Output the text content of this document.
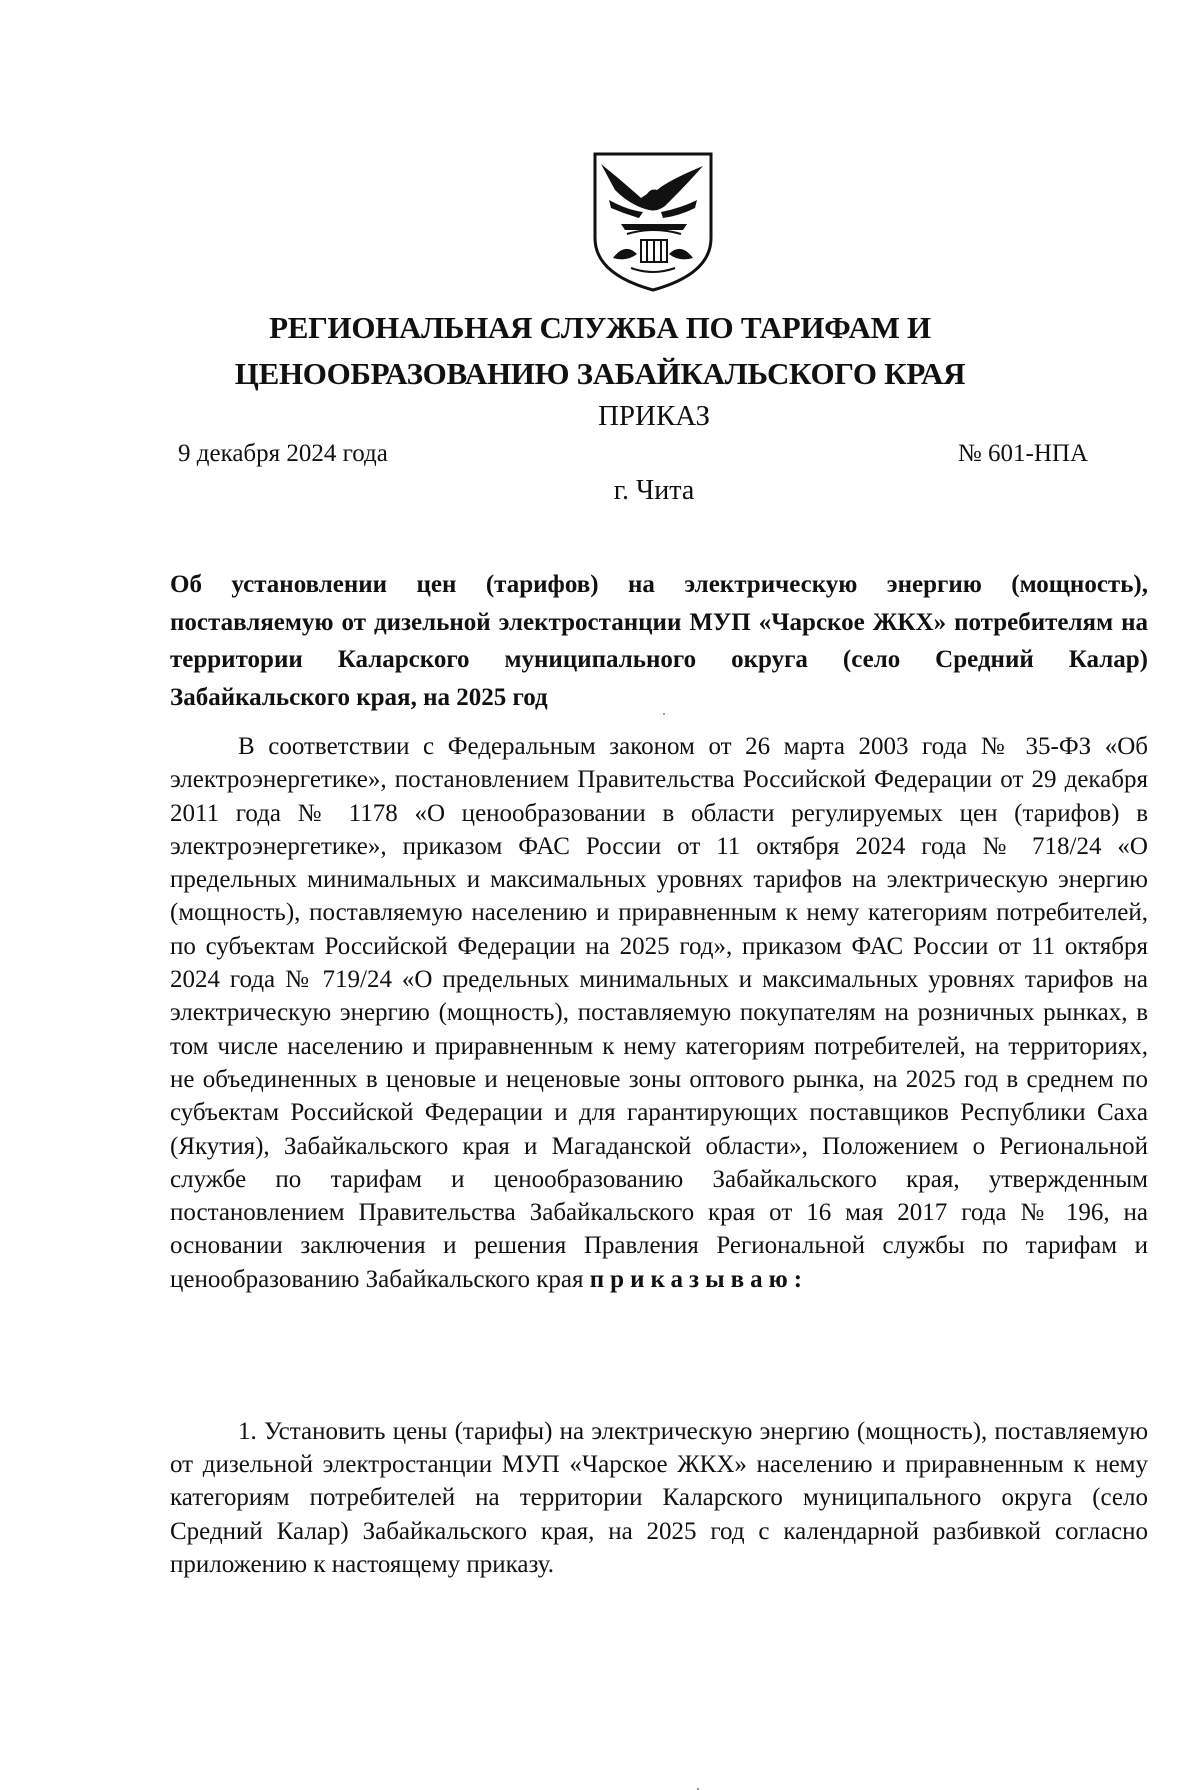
РЕГИОНАЛЬНАЯ СЛУЖБА ПО ТАРИФАМ И
ЦЕНООБРАЗОВАНИЮ ЗАБАЙКАЛЬСКОГО КРАЯ
ПРИКАЗ
9 декабря 2024 года	№ 601-НПА
г. Чита
Об установлении цен (тарифов) на электрическую энергию (мощность), поставляемую от дизельной электростанции МУП «Чарское ЖКХ» потребителям на территории Каларского муниципального округа (село Средний Калар) Забайкальского края, на 2025 год
В соответствии с Федеральным законом от 26 марта 2003 года № 35-ФЗ «Об электроэнергетике», постановлением Правительства Российской Федерации от 29 декабря 2011 года № 1178 «О ценообразовании в области регулируемых цен (тарифов) в электроэнергетике», приказом ФАС России от 11 октября 2024 года № 718/24 «О предельных минимальных и максимальных уровнях тарифов на электрическую энергию (мощность), поставляемую населению и приравненным к нему категориям потребителей, по субъектам Российской Федерации на 2025 год», приказом ФАС России от 11 октября 2024 года № 719/24 «О предельных минимальных и максимальных уровнях тарифов на электрическую энергию (мощность), поставляемую покупателям на розничных рынках, в том числе населению и приравненным к нему категориям потребителей, на территориях, не объединенных в ценовые и неценовые зоны оптового рынка, на 2025 год в среднем по субъектам Российской Федерации и для гарантирующих поставщиков Республики Саха (Якутия), Забайкальского края и Магаданской области», Положением о Региональной службе по тарифам и ценообразованию Забайкальского края, утвержденным постановлением Правительства Забайкальского края от 16 мая 2017 года № 196, на основании заключения и решения Правления Региональной службы по тарифам и ценообразованию Забайкальского края приказываю:
1. Установить цены (тарифы) на электрическую энергию (мощность), поставляемую от дизельной электростанции МУП «Чарское ЖКХ» населению и приравненным к нему категориям потребителей на территории Каларского муниципального округа (село Средний Калар) Забайкальского края, на 2025 год с календарной разбивкой согласно приложению к настоящему приказу.
